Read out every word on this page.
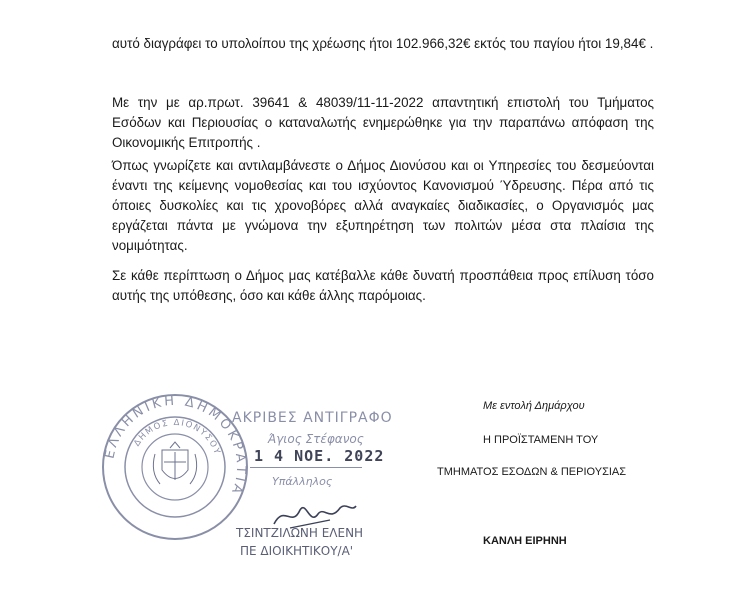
αυτό διαγράφει το υπολοίπου της χρέωσης ήτοι 102.966,32€ εκτός του παγίου ήτοι 19,84€ .

Με την με αρ.πρωτ. 39641 & 48039/11-11-2022 απαντητική επιστολή του Τμήματος Εσόδων και Περιουσίας ο καταναλωτής ενημερώθηκε για την παραπάνω απόφαση της Οικονομικής Επιτροπής .

Όπως γνωρίζετε και αντιλαμβάνεστε ο Δήμος Διονύσου και οι Υπηρεσίες του δεσμεύονται έναντι της κείμενης νομοθεσίας και του ισχύοντος Κανονισμού Ύδρευσης. Πέρα από τις όποιες δυσκολίες και τις χρονοβόρες αλλά αναγκαίες διαδικασίες, ο Οργανισμός μας εργάζεται πάντα με γνώμονα την εξυπηρέτηση των πολιτών μέσα στα πλαίσια της νομιμότητας.

Σε κάθε περίπτωση ο Δήμος μας κατέβαλλε κάθε δυνατή προσπάθεια προς επίλυση τόσο αυτής της υπόθεσης, όσο και κάθε άλλης παρόμοιας.

ΕΛΛΗΝΙΚΗ ΔΗΜΟΚΡΑΤΙΑ
ΔΗΜΟΣ ΔΙΟΝΥΣΟΥ
ΑΚΡΙΒΕΣ ΑΝΤΙΓΡΑΦΟ
Άγιος Στέφανος
1 4 ΝΟΕ. 2022
Υπάλληλος
ΤΣΙΝΤΖΙΛΩΝΗ ΕΛΕΝΗ
ΠΕ ΔΙΟΙΚΗΤΙΚΟΥ/Α'
Με εντολή Δημάρχου
Η ΠΡΟΪΣΤΑΜΕΝΗ ΤΟΥ
ΤΜΗΜΑΤΟΣ ΕΣΟΔΩΝ & ΠΕΡΙΟΥΣΙΑΣ
ΚΑΝΛΗ ΕΙΡΗΝΗ
